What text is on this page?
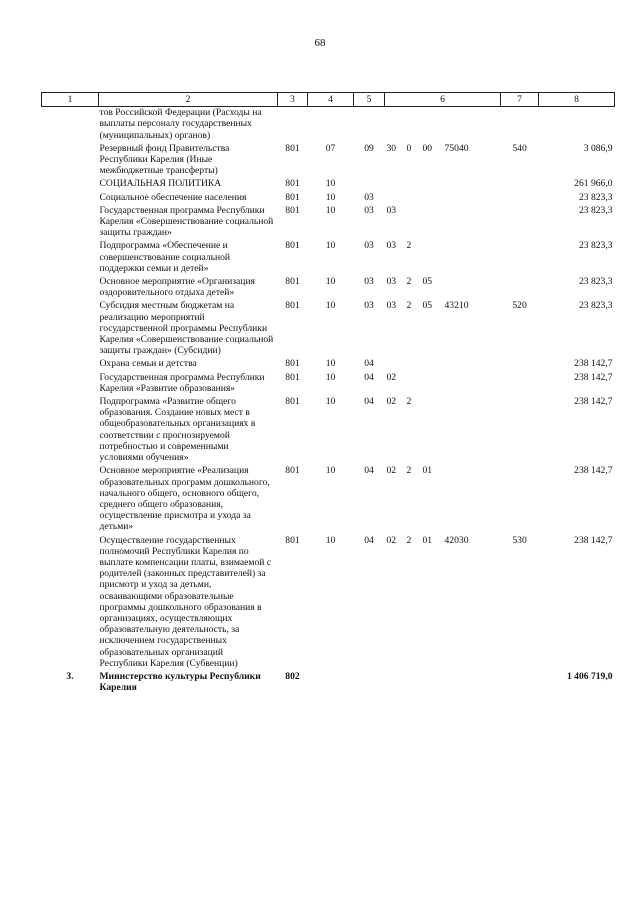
68
1	2	3	4	5	6				7	8
	тов Российской Федерации (Расходы на выплаты персоналу государственных (муниципальных) органов)									
	Резервный фонд Правительства Республики Карелия (Иные межбюджетные трансферты)	801	07	09	30	0	00	75040	540	3 086,9
	СОЦИАЛЬНАЯ ПОЛИТИКА	801	10							261 966,0
	Социальное обеспечение населения	801	10	03						23 823,3
	Государственная программа Республики Карелия «Совершенствование социальной защиты граждан»	801	10	03	03					23 823,3
	Подпрограмма «Обеспечение и совершенствование социальной поддержки семьи и детей»	801	10	03	03	2				23 823,3
	Основное мероприятие «Организация оздоровительного отдыха детей»	801	10	03	03	2	05			23 823,3
	Субсидия местным бюджетам на реализацию мероприятий государственной программы Республики Карелия «Совершенствование социальной защиты граждан» (Субсидии)	801	10	03	03	2	05	43210	520	23 823,3
	Охрана семьи и детства	801	10	04						238 142,7
	Государственная программа Республики Карелия «Развитие образования»	801	10	04	02					238 142,7
	Подпрограмма «Развитие общего образования. Создание новых мест в общеобразовательных организациях в соответствии с прогнозируемой потребностью и современными условиями обучения»	801	10	04	02	2				238 142,7
	Основное мероприятие «Реализация образовательных программ дошкольного, начального общего, основного общего, среднего общего образования, осуществление присмотра и ухода за детьми»	801	10	04	02	2	01			238 142,7
	Осуществление государственных полномочий Республики Карелия по выплате компенсации платы, взимаемой с родителей (законных представителей) за присмотр и уход за детьми, осваивающими образовательные программы дошкольного образования в организациях, осуществляющих образовательную деятельность, за исключением государственных образовательных организаций Республики Карелия (Субвенции)	801	10	04	02	2	01	42030	530	238 142,7
3.	Министерство культуры Республики Карелия	802								1 406 719,0
